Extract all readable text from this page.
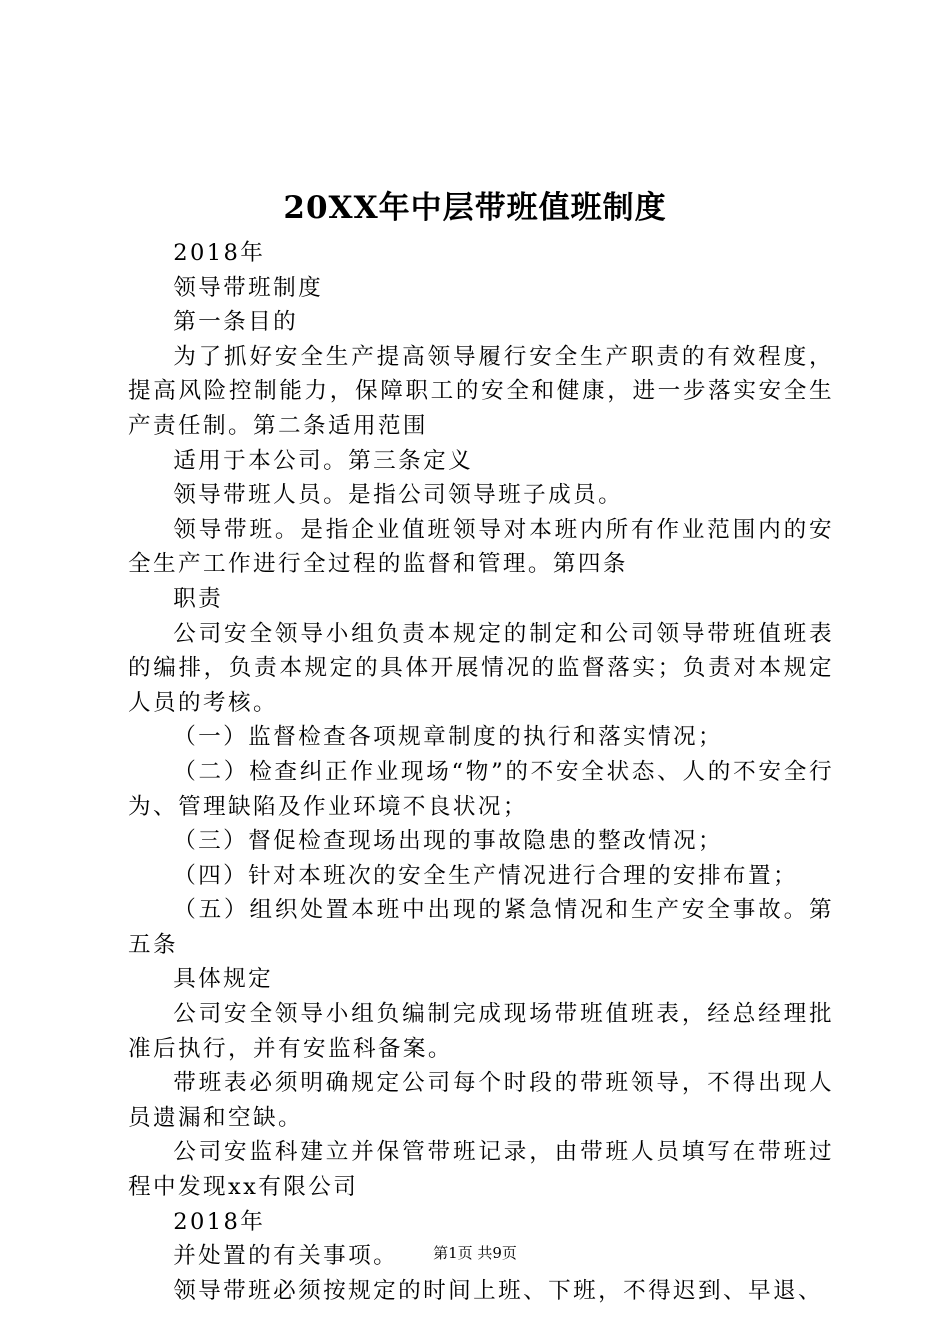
20XX年中层带班值班制度

2018年

领导带班制度

第一条目的

为了抓好安全生产提高领导履行安全生产职责的有效程度，提高风险控制能力，保障职工的安全和健康，进一步落实安全生产责任制。第二条适用范围

适用于本公司。第三条定义

领导带班人员。是指公司领导班子成员。

领导带班。是指企业值班领导对本班内所有作业范围内的安全生产工作进行全过程的监督和管理。第四条

职责

公司安全领导小组负责本规定的制定和公司领导带班值班表的编排，负责本规定的具体开展情况的监督落实；负责对本规定人员的考核。

（一）监督检查各项规章制度的执行和落实情况；

（二）检查纠正作业现场“物”的不安全状态、人的不安全行为、管理缺陷及作业环境不良状况；

（三）督促检查现场出现的事故隐患的整改情况；

（四）针对本班次的安全生产情况进行合理的安排布置；

（五）组织处置本班中出现的紧急情况和生产安全事故。第五条

具体规定

公司安全领导小组负编制完成现场带班值班表，经总经理批准后执行，并有安监科备案。

带班表必须明确规定公司每个时段的带班领导，不得出现人员遗漏和空缺。

公司安监科建立并保管带班记录，由带班人员填写在带班过程中发现xx有限公司

2018年

并处置的有关事项。

领导带班必须按规定的时间上班、下班，不得迟到、早退、

第1页 共9页
